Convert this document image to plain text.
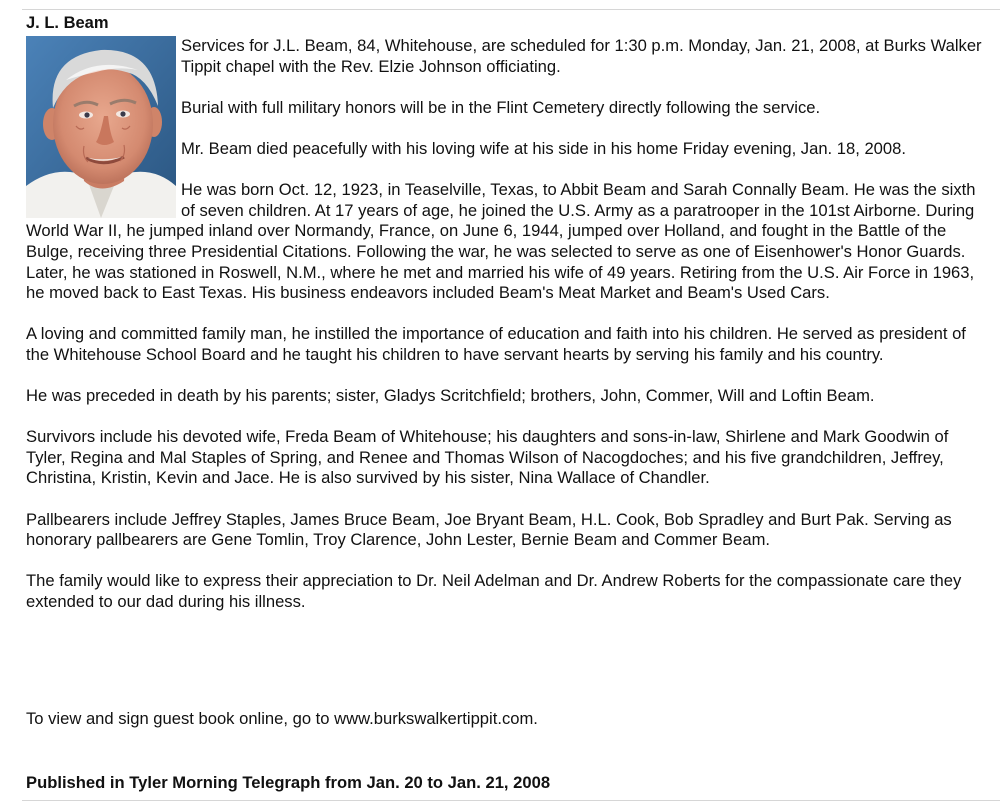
J. L. Beam

Services for J.L. Beam, 84, Whitehouse, are scheduled for 1:30 p.m. Monday, Jan. 21, 2008, at Burks Walker Tippit chapel with the Rev. Elzie Johnson officiating.

Burial with full military honors will be in the Flint Cemetery directly following the service.

Mr. Beam died peacefully with his loving wife at his side in his home Friday evening, Jan. 18, 2008.

He was born Oct. 12, 1923, in Teaselville, Texas, to Abbit Beam and Sarah Connally Beam. He was the sixth of seven children. At 17 years of age, he joined the U.S. Army as a paratrooper in the 101st Airborne. During World War II, he jumped inland over Normandy, France, on June 6, 1944, jumped over Holland, and fought in the Battle of the Bulge, receiving three Presidential Citations. Following the war, he was selected to serve as one of Eisenhower's Honor Guards. Later, he was stationed in Roswell, N.M., where he met and married his wife of 49 years. Retiring from the U.S. Air Force in 1963, he moved back to East Texas. His business endeavors included Beam's Meat Market and Beam's Used Cars.

A loving and committed family man, he instilled the importance of education and faith into his children. He served as president of the Whitehouse School Board and he taught his children to have servant hearts by serving his family and his country.

He was preceded in death by his parents; sister, Gladys Scritchfield; brothers, John, Commer, Will and Loftin Beam.

Survivors include his devoted wife, Freda Beam of Whitehouse; his daughters and sons-in-law, Shirlene and Mark Goodwin of Tyler, Regina and Mal Staples of Spring, and Renee and Thomas Wilson of Nacogdoches; and his five grandchildren, Jeffrey, Christina, Kristin, Kevin and Jace. He is also survived by his sister, Nina Wallace of Chandler.

Pallbearers include Jeffrey Staples, James Bruce Beam, Joe Bryant Beam, H.L. Cook, Bob Spradley and Burt Pak. Serving as honorary pallbearers are Gene Tomlin, Troy Clarence, John Lester, Bernie Beam and Commer Beam.

The family would like to express their appreciation to Dr. Neil Adelman and Dr. Andrew Roberts for the compassionate care they extended to our dad during his illness.

To view and sign guest book online, go to www.burkswalkertippit.com.

Published in Tyler Morning Telegraph from Jan. 20 to Jan. 21, 2008
